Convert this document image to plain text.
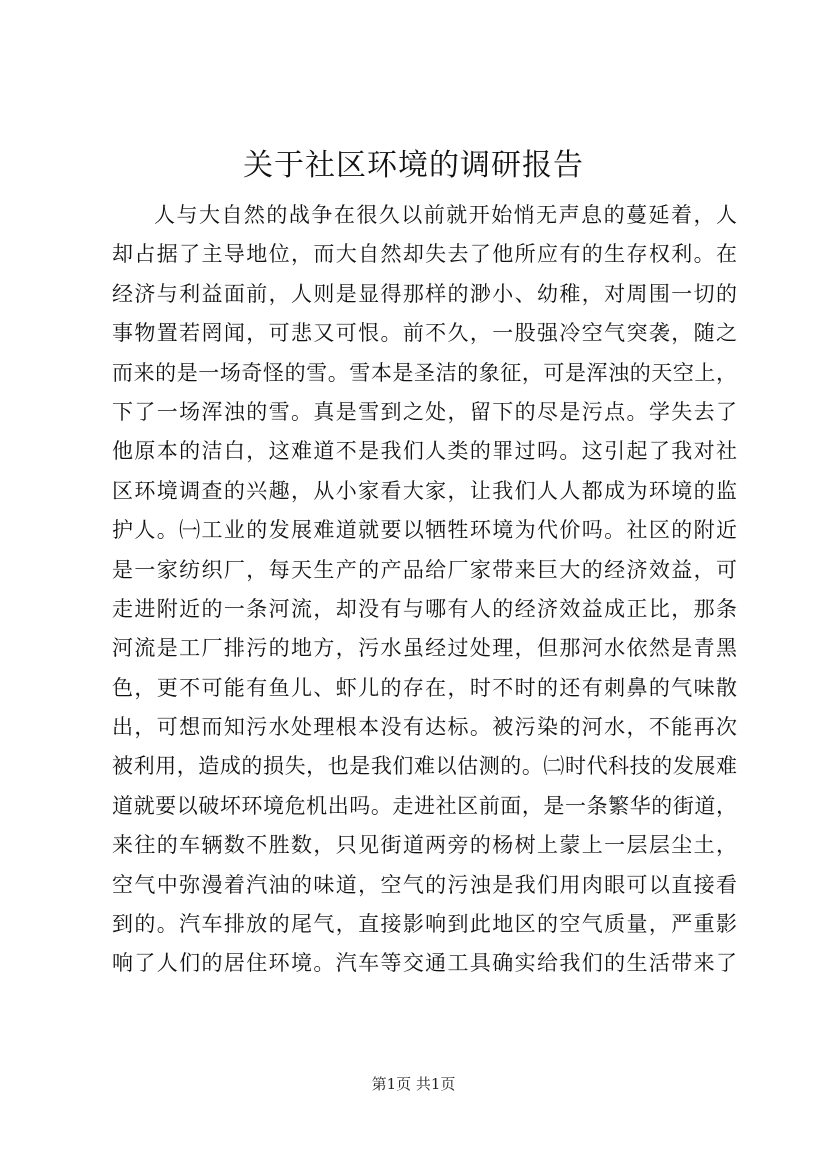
关于社区环境的调研报告
人与大自然的战争在很久以前就开始悄无声息的蔓延着，人
却占据了主导地位，而大自然却失去了他所应有的生存权利。在
经济与利益面前，人则是显得那样的渺小、幼稚，对周围一切的
事物置若罔闻，可悲又可恨。前不久，一股强冷空气突袭，随之
而来的是一场奇怪的雪。雪本是圣洁的象征，可是浑浊的天空上，
下了一场浑浊的雪。真是雪到之处，留下的尽是污点。学失去了
他原本的洁白，这难道不是我们人类的罪过吗。这引起了我对社
区环境调查的兴趣，从小家看大家，让我们人人都成为环境的监
护人。㈠工业的发展难道就要以牺牲环境为代价吗。社区的附近
是一家纺织厂，每天生产的产品给厂家带来巨大的经济效益，可
走进附近的一条河流，却没有与哪有人的经济效益成正比，那条
河流是工厂排污的地方，污水虽经过处理，但那河水依然是青黑
色，更不可能有鱼儿、虾儿的存在，时不时的还有刺鼻的气味散
出，可想而知污水处理根本没有达标。被污染的河水，不能再次
被利用，造成的损失，也是我们难以估测的。㈡时代科技的发展难
道就要以破坏环境危机出吗。走进社区前面，是一条繁华的街道，
来往的车辆数不胜数，只见街道两旁的杨树上蒙上一层层尘土，
空气中弥漫着汽油的味道，空气的污浊是我们用肉眼可以直接看
到的。汽车排放的尾气，直接影响到此地区的空气质量，严重影
响了人们的居住环境。汽车等交通工具确实给我们的生活带来了
第1页 共1页
